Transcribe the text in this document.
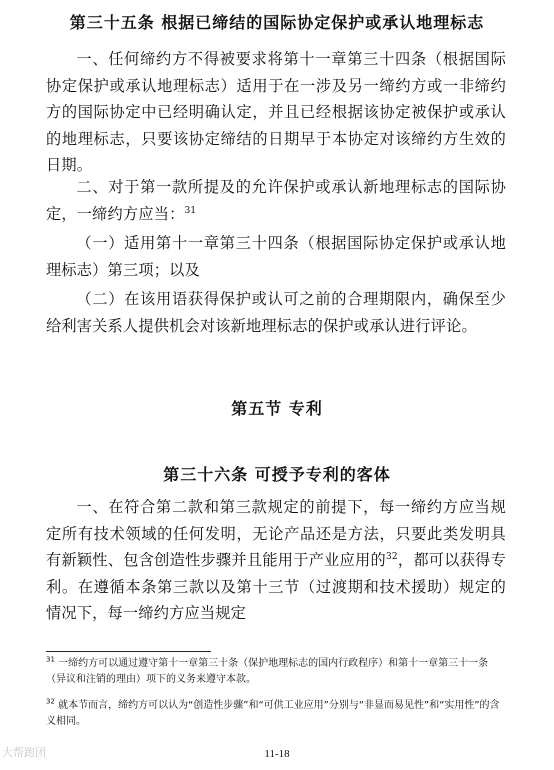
第三十五条 根据已缔结的国际协定保护或承认地理标志

一、任何缔约方不得被要求将第十一章第三十四条（根据国际协定保护或承认地理标志）适用于在一涉及另一缔约方或一非缔约方的国际协定中已经明确认定，并且已经根据该协定被保护或承认的地理标志，只要该协定缔结的日期早于本协定对该缔约方生效的日期。

二、对于第一款所提及的允许保护或承认新地理标志的国际协定，一缔约方应当：$^{31}$

（一）适用第十一章第三十四条（根据国际协定保护或承认地理标志）第三项；以及

（二）在该用语获得保护或认可之前的合理期限内，确保至少给利害关系人提供机会对该新地理标志的保护或承认进行评论。

第五节 专利
第三十六条 可授予专利的客体

一、在符合第二款和第三款规定的前提下，每一缔约方应当规定所有技术领域的任何发明，无论产品还是方法，只要此类发明具有新颖性、包含创造性步骤并且能用于产业应用的$^{32}$，都可以获得专利。在遵循本条第三款以及第十三节（过渡期和技术援助）规定的情况下，每一缔约方应当规定

$^{31}$ 一缔约方可以通过遵守第十一章第三十条（保护地理标志的国内行政程序）和第十一章第三十一条（异议和注销的理由）项下的义务来遵守本款。

$^{32}$ 就本节而言，缔约方可以认为“创造性步骤”和“可供工业应用”分别与“非显而易见性”和“实用性”的含义相同。

大帮跑团	11-18
